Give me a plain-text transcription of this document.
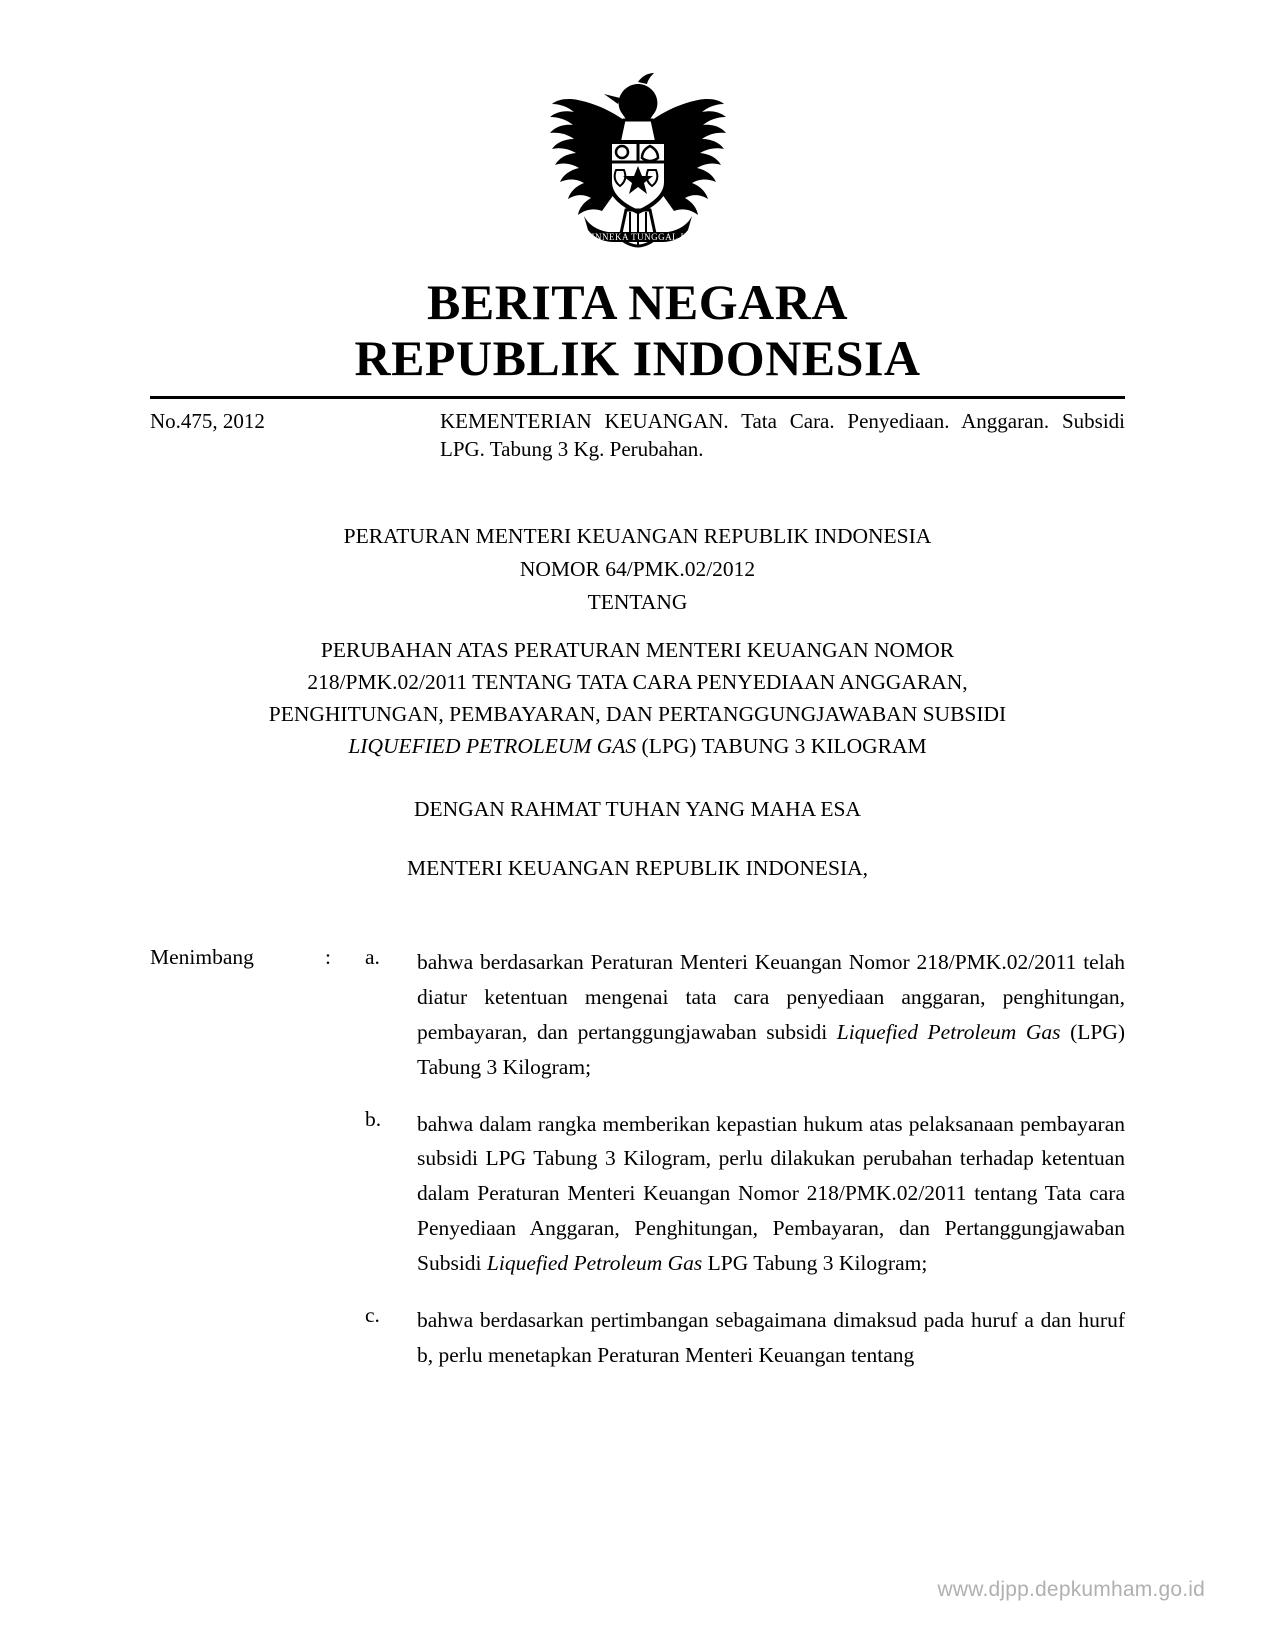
BHINNEKA TUNGGAL IKA
BERITA NEGARA
REPUBLIK INDONESIA
No.475, 2012	KEMENTERIAN KEUANGAN. Tata Cara. Penyediaan. Anggaran. Subsidi LPG. Tabung 3 Kg. Perubahan.
PERATURAN MENTERI KEUANGAN REPUBLIK INDONESIA
NOMOR 64/PMK.02/2012
TENTANG
PERUBAHAN ATAS PERATURAN MENTERI KEUANGAN NOMOR
218/PMK.02/2011 TENTANG TATA CARA PENYEDIAAN ANGGARAN,
PENGHITUNGAN, PEMBAYARAN, DAN PERTANGGUNGJAWABAN SUBSIDI
LIQUEFIED PETROLEUM GAS (LPG) TABUNG 3 KILOGRAM
DENGAN RAHMAT TUHAN YANG MAHA ESA
MENTERI KEUANGAN REPUBLIK INDONESIA,
Menimbang	:	a.	bahwa berdasarkan Peraturan Menteri Keuangan Nomor 218/PMK.02/2011 telah diatur ketentuan mengenai tata cara penyediaan anggaran, penghitungan, pembayaran, dan pertanggungjawaban subsidi Liquefied Petroleum Gas (LPG) Tabung 3 Kilogram;
b.	bahwa dalam rangka memberikan kepastian hukum atas pelaksanaan pembayaran subsidi LPG Tabung 3 Kilogram, perlu dilakukan perubahan terhadap ketentuan dalam Peraturan Menteri Keuangan Nomor 218/PMK.02/2011 tentang Tata cara Penyediaan Anggaran, Penghitungan, Pembayaran, dan Pertanggungjawaban Subsidi Liquefied Petroleum Gas LPG Tabung 3 Kilogram;
c.	bahwa berdasarkan pertimbangan sebagaimana dimaksud pada huruf a dan huruf b, perlu menetapkan Peraturan Menteri Keuangan tentang
www.djpp.depkumham.go.id
